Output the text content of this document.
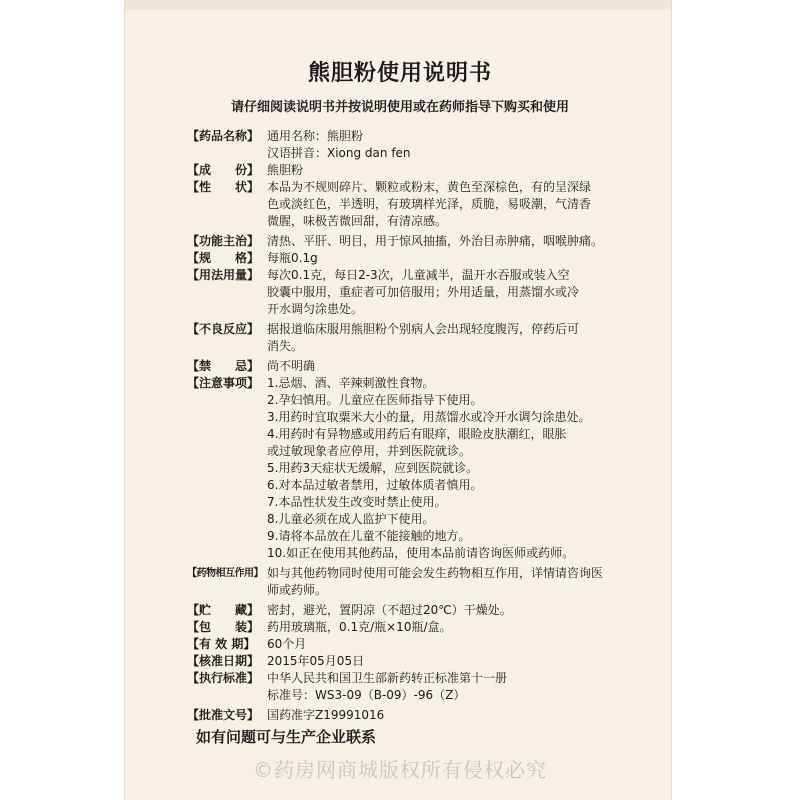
熊胆粉使用说明书
请仔细阅读说明书并按说明使用或在药师指导下购买和使用
【药品名称】 通用名称：熊胆粉
汉语拼音：Xiong dan fen
【成　　份】 熊胆粉
【性　　状】 本品为不规则碎片、颗粒或粉末，黄色至深棕色，有的呈深绿
色或淡红色，半透明，有玻璃样光泽，质脆，易吸潮，气清香
微腥，味极苦微回甜，有清凉感。
【功能主治】 清热、平肝、明目，用于惊风抽搐，外治目赤肿痛，咽喉肿痛。
【规　　格】 每瓶0.1g
【用法用量】 每次0.1克，每日2-3次，儿童减半，温开水吞服或装入空
胶囊中服用，重症者可加倍服用；外用适量，用蒸馏水或冷
开水调匀涂患处。
【不良反应】 据报道临床服用熊胆粉个别病人会出现轻度腹泻，停药后可
消失。
【禁　　忌】 尚不明确
【注意事项】 1.忌烟、酒、辛辣刺激性食物。
2.孕妇慎用。儿童应在医师指导下使用。
3.用药时宜取粟米大小的量，用蒸馏水或冷开水调匀涂患处。
4.用药时有异物感或用药后有眼痒，眼睑皮肤潮红，眼胀
或过敏现象者应停用，并到医院就诊。
5.用药3天症状无缓解，应到医院就诊。
6.对本品过敏者禁用，过敏体质者慎用。
7.本品性状发生改变时禁止使用。
8.儿童必须在成人监护下使用。
9.请将本品放在儿童不能接触的地方。
10.如正在使用其他药品，使用本品前请咨询医师或药师。
【药物相互作用】 如与其他药物同时使用可能会发生药物相互作用，详情请咨询医
师或药师。
【贮　　藏】 密封，避光，置阴凉（不超过20℃）干燥处。
【包　　装】 药用玻璃瓶，0.1克/瓶×10瓶/盒。
【有 效 期】 60个月
【核准日期】 2015年05月05日
【执行标准】 中华人民共和国卫生部新药转正标准第十一册
标准号：WS3-09（B-09）-96（Z）
【批准文号】 国药准字Z19991016
如有问题可与生产企业联系
©药房网商城版权所有侵权必究
